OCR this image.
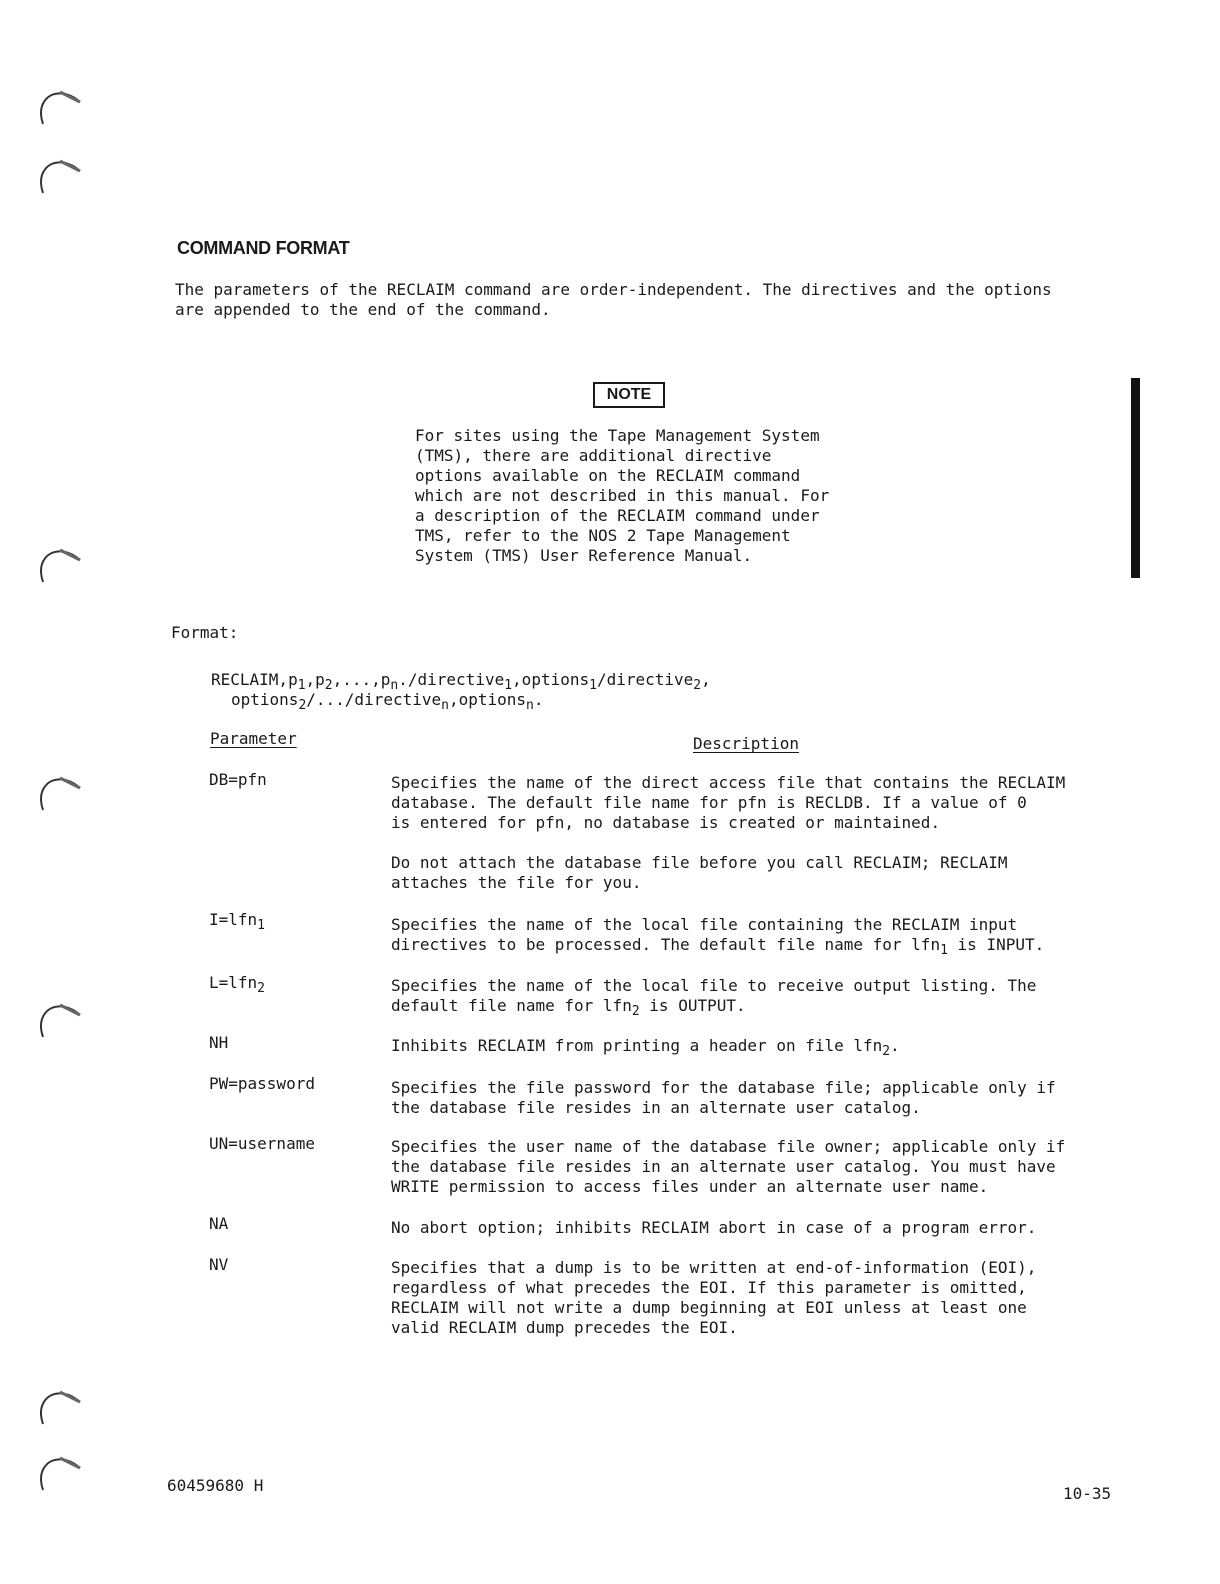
COMMAND FORMAT
The parameters of the RECLAIM command are order-independent. The directives and the options
are appended to the end of the command.
NOTE
For sites using the Tape Management System
(TMS), there are additional directive
options available on the RECLAIM command
which are not described in this manual. For
a description of the RECLAIM command under
TMS, refer to the NOS 2 Tape Management
System (TMS) User Reference Manual.
Format:
$RECLAIM,p_1,p_2,...,p_n./directive_1,options_1/directive_2$,
options$_2$/.../directive$_n$,options$_n$.
Parameter	Description
DB=pfn	Specifies the name of the direct access file that contains the RECLAIM
database. The default file name for pfn is RECLDB. If a value of 0
is entered for pfn, no database is created or maintained.
Do not attach the database file before you call RECLAIM; RECLAIM
attaches the file for you.
I=lfn$_1$	Specifies the name of the local file containing the RECLAIM input
directives to be processed. The default file name for lfn$_1$ is INPUT.
L=lfn$_2$	Specifies the name of the local file to receive output listing. The
default file name for lfn$_2$ is OUTPUT.
NH	Inhibits RECLAIM from printing a header on file lfn$_2$.
PW=password	Specifies the file password for the database file; applicable only if
the database file resides in an alternate user catalog.
UN=username	Specifies the user name of the database file owner; applicable only if
the database file resides in an alternate user catalog. You must have
WRITE permission to access files under an alternate user name.
NA	No abort option; inhibits RECLAIM abort in case of a program error.
NV	Specifies that a dump is to be written at end-of-information (EOI),
regardless of what precedes the EOI. If this parameter is omitted,
RECLAIM will not write a dump beginning at EOI unless at least one
valid RECLAIM dump precedes the EOI.
60459680 H	10-35
